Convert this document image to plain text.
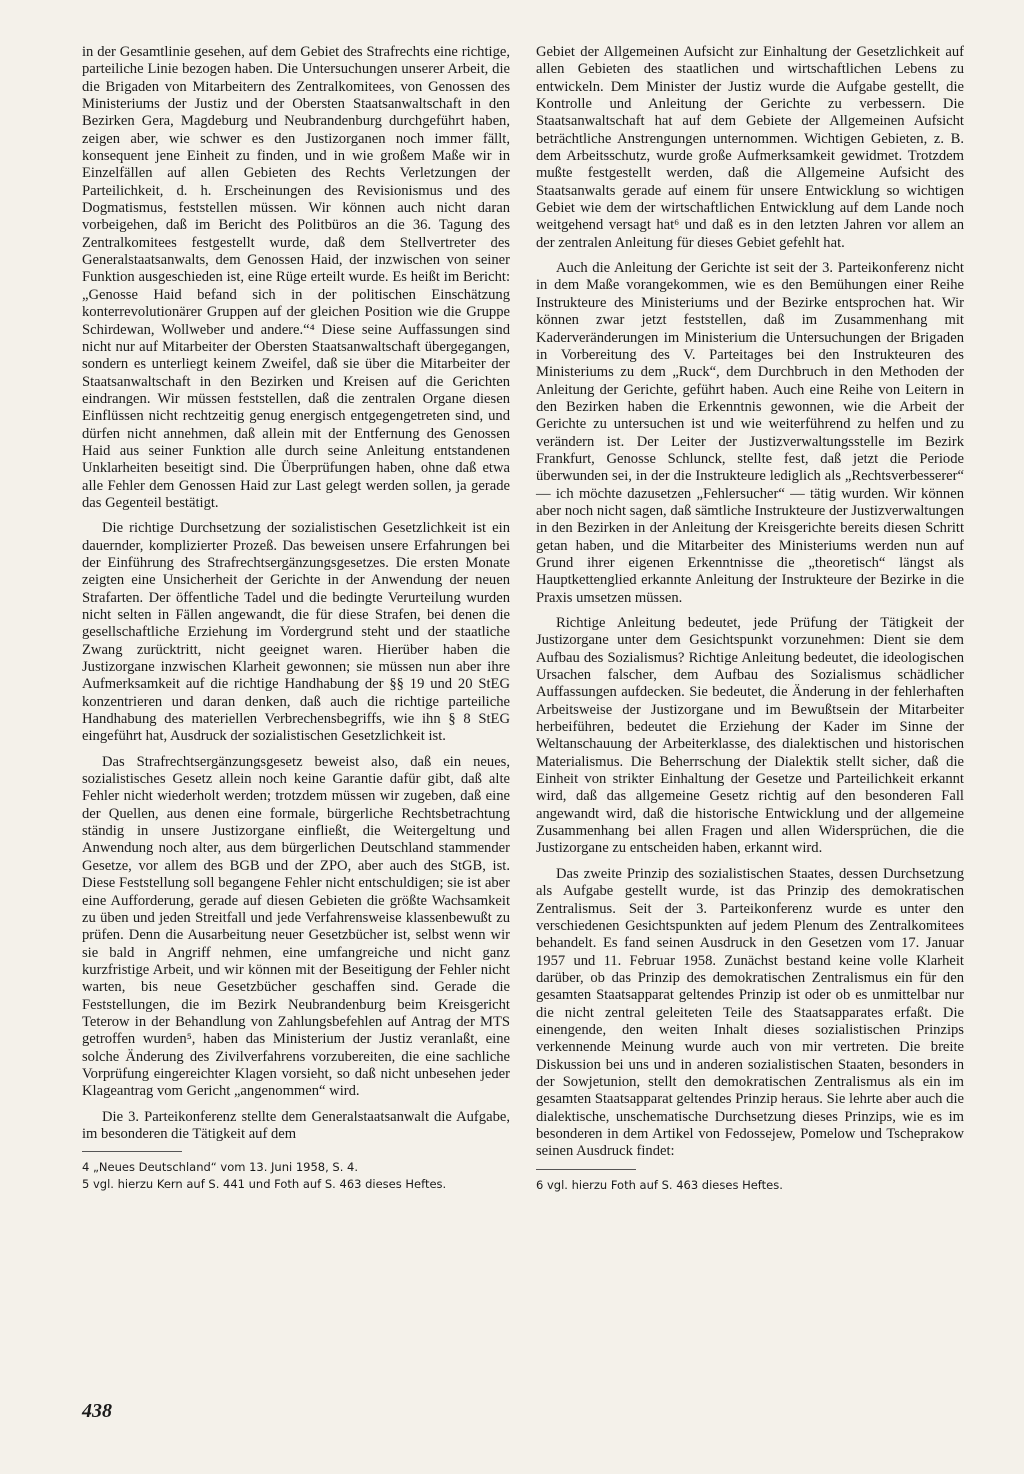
in der Gesamtlinie gesehen, auf dem Gebiet des Strafrechts eine richtige, parteiliche Linie bezogen haben. Die Untersuchungen unserer Arbeit, die die Brigaden von Mitarbeitern des Zentralkomitees, von Genossen des Ministeriums der Justiz und der Obersten Staatsanwaltschaft in den Bezirken Gera, Magdeburg und Neubrandenburg durchgeführt haben, zeigen aber, wie schwer es den Justizorganen noch immer fällt, konsequent jene Einheit zu finden, und in wie großem Maße wir in Einzelfällen auf allen Gebieten des Rechts Verletzungen der Parteilichkeit, d. h. Erscheinungen des Revisionismus und des Dogmatismus, feststellen müssen. Wir können auch nicht daran vorbeigehen, daß im Bericht des Politbüros an die 36. Tagung des Zentralkomitees festgestellt wurde, daß dem Stellvertreter des Generalstaatsanwalts, dem Genossen Haid, der inzwischen von seiner Funktion ausgeschieden ist, eine Rüge erteilt wurde. Es heißt im Bericht: „Genosse Haid befand sich in der politischen Einschätzung konterrevolutionärer Gruppen auf der gleichen Position wie die Gruppe Schirdewan, Wollweber und andere.“⁴ Diese seine Auffassungen sind nicht nur auf Mitarbeiter der Obersten Staatsanwaltschaft übergegangen, sondern es unterliegt keinem Zweifel, daß sie über die Mitarbeiter der Staatsanwaltschaft in den Bezirken und Kreisen auf die Gerichten eindrangen. Wir müssen feststellen, daß die zentralen Organe diesen Einflüssen nicht rechtzeitig genug energisch entgegengetreten sind, und dürfen nicht annehmen, daß allein mit der Entfernung des Genossen Haid aus seiner Funktion alle durch seine Anleitung entstandenen Unklarheiten beseitigt sind. Die Überprüfungen haben, ohne daß etwa alle Fehler dem Genossen Haid zur Last gelegt werden sollen, ja gerade das Gegenteil bestätigt.

Die richtige Durchsetzung der sozialistischen Gesetzlichkeit ist ein dauernder, komplizierter Prozeß. Das beweisen unsere Erfahrungen bei der Einführung des Strafrechtsergänzungsgesetzes. Die ersten Monate zeigten eine Unsicherheit der Gerichte in der Anwendung der neuen Strafarten. Der öffentliche Tadel und die bedingte Verurteilung wurden nicht selten in Fällen angewandt, die für diese Strafen, bei denen die gesellschaftliche Erziehung im Vordergrund steht und der staatliche Zwang zurücktritt, nicht geeignet waren. Hierüber haben die Justizorgane inzwischen Klarheit gewonnen; sie müssen nun aber ihre Aufmerksamkeit auf die richtige Handhabung der §§ 19 und 20 StEG konzentrieren und daran denken, daß auch die richtige parteiliche Handhabung des materiellen Verbrechensbegriffs, wie ihn § 8 StEG eingeführt hat, Ausdruck der sozialistischen Gesetzlichkeit ist.

Das Strafrechtsergänzungsgesetz beweist also, daß ein neues, sozialistisches Gesetz allein noch keine Garantie dafür gibt, daß alte Fehler nicht wiederholt werden; trotzdem müssen wir zugeben, daß eine der Quellen, aus denen eine formale, bürgerliche Rechtsbetrachtung ständig in unsere Justizorgane einfließt, die Weitergeltung und Anwendung noch alter, aus dem bürgerlichen Deutschland stammender Gesetze, vor allem des BGB und der ZPO, aber auch des StGB, ist. Diese Feststellung soll begangene Fehler nicht entschuldigen; sie ist aber eine Aufforderung, gerade auf diesen Gebieten die größte Wachsamkeit zu üben und jeden Streitfall und jede Verfahrensweise klassenbewußt zu prüfen. Denn die Ausarbeitung neuer Gesetzbücher ist, selbst wenn wir sie bald in Angriff nehmen, eine umfangreiche und nicht ganz kurzfristige Arbeit, und wir können mit der Beseitigung der Fehler nicht warten, bis neue Gesetzbücher geschaffen sind. Gerade die Feststellungen, die im Bezirk Neubrandenburg beim Kreisgericht Teterow in der Behandlung von Zahlungsbefehlen auf Antrag der MTS getroffen wurden⁵, haben das Ministerium der Justiz veranlaßt, eine solche Änderung des Zivilverfahrens vorzubereiten, die eine sachliche Vorprüfung eingereichter Klagen vorsieht, so daß nicht unbesehen jeder Klageantrag vom Gericht „angenommen“ wird.

Die 3. Parteikonferenz stellte dem Generalstaatsanwalt die Aufgabe, im besonderen die Tätigkeit auf dem

4 „Neues Deutschland“ vom 13. Juni 1958, S. 4.
5 vgl. hierzu Kern auf S. 441 und Foth auf S. 463 dieses Heftes.

Gebiet der Allgemeinen Aufsicht zur Einhaltung der Gesetzlichkeit auf allen Gebieten des staatlichen und wirtschaftlichen Lebens zu entwickeln. Dem Minister der Justiz wurde die Aufgabe gestellt, die Kontrolle und Anleitung der Gerichte zu verbessern. Die Staatsanwaltschaft hat auf dem Gebiete der Allgemeinen Aufsicht beträchtliche Anstrengungen unternommen. Wichtigen Gebieten, z. B. dem Arbeitsschutz, wurde große Aufmerksamkeit gewidmet. Trotzdem mußte festgestellt werden, daß die Allgemeine Aufsicht des Staatsanwalts gerade auf einem für unsere Entwicklung so wichtigen Gebiet wie dem der wirtschaftlichen Entwicklung auf dem Lande noch weitgehend versagt hat⁶ und daß es in den letzten Jahren vor allem an der zentralen Anleitung für dieses Gebiet gefehlt hat.

Auch die Anleitung der Gerichte ist seit der 3. Parteikonferenz nicht in dem Maße vorangekommen, wie es den Bemühungen einer Reihe Instrukteure des Ministeriums und der Bezirke entsprochen hat. Wir können zwar jetzt feststellen, daß im Zusammenhang mit Kaderveränderungen im Ministerium die Untersuchungen der Brigaden in Vorbereitung des V. Parteitages bei den Instrukteuren des Ministeriums zu dem „Ruck“, dem Durchbruch in den Methoden der Anleitung der Gerichte, geführt haben. Auch eine Reihe von Leitern in den Bezirken haben die Erkenntnis gewonnen, wie die Arbeit der Gerichte zu untersuchen ist und wie weiterführend zu helfen und zu verändern ist. Der Leiter der Justizverwaltungsstelle im Bezirk Frankfurt, Genosse Schlunck, stellte fest, daß jetzt die Periode überwunden sei, in der die Instrukteure lediglich als „Rechtsverbesserer“ — ich möchte dazusetzen „Fehlersucher“ — tätig wurden. Wir können aber noch nicht sagen, daß sämtliche Instrukteure der Justizverwaltungen in den Bezirken in der Anleitung der Kreisgerichte bereits diesen Schritt getan haben, und die Mitarbeiter des Ministeriums werden nun auf Grund ihrer eigenen Erkenntnisse die „theoretisch“ längst als Hauptkettenglied erkannte Anleitung der Instrukteure der Bezirke in die Praxis umsetzen müssen.

Richtige Anleitung bedeutet, jede Prüfung der Tätigkeit der Justizorgane unter dem Gesichtspunkt vorzunehmen: Dient sie dem Aufbau des Sozialismus? Richtige Anleitung bedeutet, die ideologischen Ursachen falscher, dem Aufbau des Sozialismus schädlicher Auffassungen aufdecken. Sie bedeutet, die Änderung in der fehlerhaften Arbeitsweise der Justizorgane und im Bewußtsein der Mitarbeiter herbeiführen, bedeutet die Erziehung der Kader im Sinne der Weltanschauung der Arbeiterklasse, des dialektischen und historischen Materialismus. Die Beherrschung der Dialektik stellt sicher, daß die Einheit von strikter Einhaltung der Gesetze und Parteilichkeit erkannt wird, daß das allgemeine Gesetz richtig auf den besonderen Fall angewandt wird, daß die historische Entwicklung und der allgemeine Zusammenhang bei allen Fragen und allen Widersprüchen, die die Justizorgane zu entscheiden haben, erkannt wird.

Das zweite Prinzip des sozialistischen Staates, dessen Durchsetzung als Aufgabe gestellt wurde, ist das Prinzip des demokratischen Zentralismus. Seit der 3. Parteikonferenz wurde es unter den verschiedenen Gesichtspunkten auf jedem Plenum des Zentralkomitees behandelt. Es fand seinen Ausdruck in den Gesetzen vom 17. Januar 1957 und 11. Februar 1958. Zunächst bestand keine volle Klarheit darüber, ob das Prinzip des demokratischen Zentralismus ein für den gesamten Staatsapparat geltendes Prinzip ist oder ob es unmittelbar nur die nicht zentral geleiteten Teile des Staatsapparates erfaßt. Die einengende, den weiten Inhalt dieses sozialistischen Prinzips verkennende Meinung wurde auch von mir vertreten. Die breite Diskussion bei uns und in anderen sozialistischen Staaten, besonders in der Sowjetunion, stellt den demokratischen Zentralismus als ein im gesamten Staatsapparat geltendes Prinzip heraus. Sie lehrte aber auch die dialektische, unschematische Durchsetzung dieses Prinzips, wie es im besonderen in dem Artikel von Fedossejew, Pomelow und Tscheprakow seinen Ausdruck findet:

6 vgl. hierzu Foth auf S. 463 dieses Heftes.
438
